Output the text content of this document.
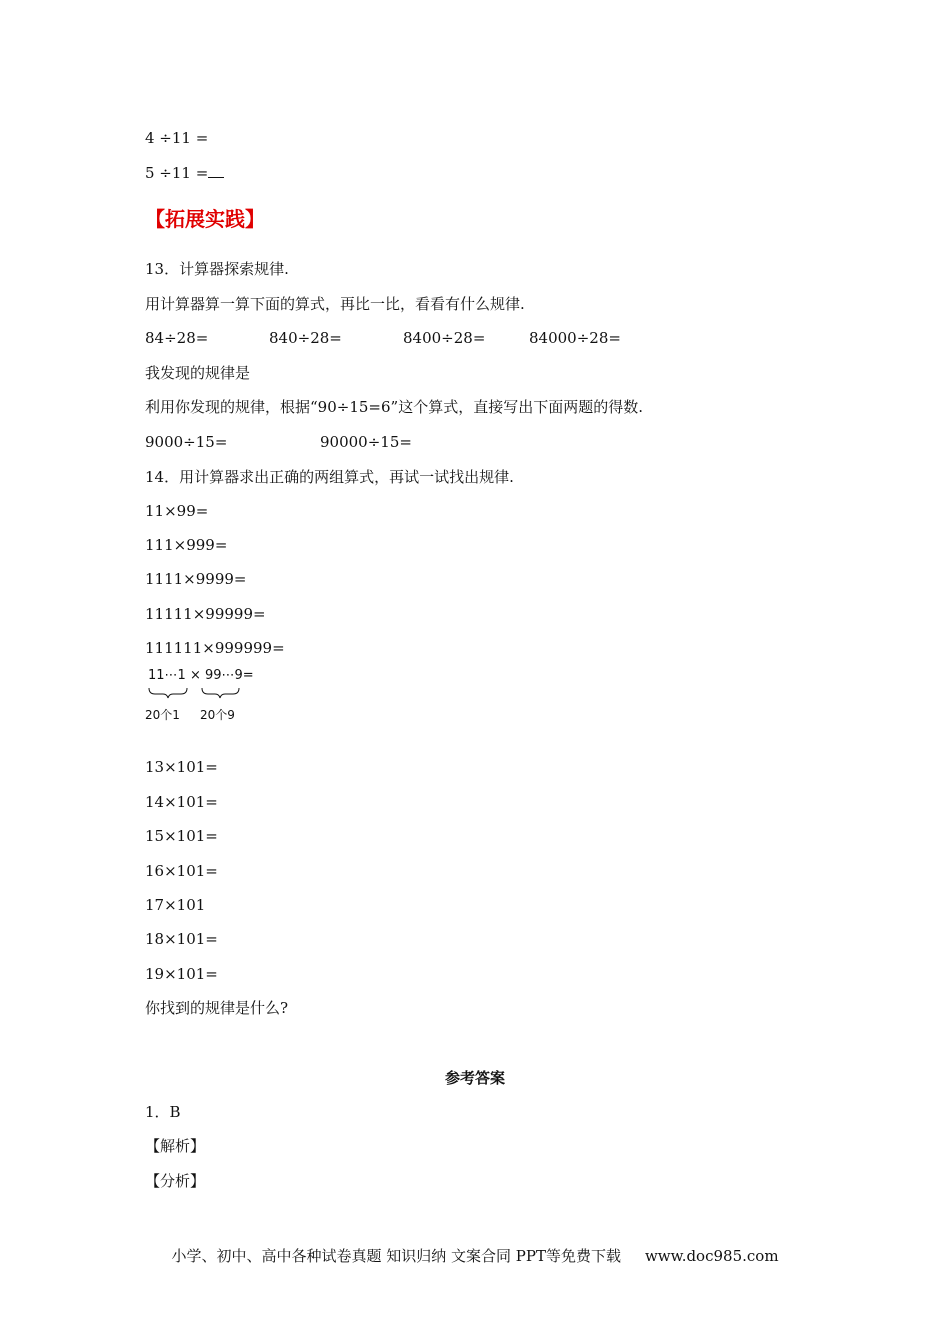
4 ÷11 =
5 ÷11 =
【拓展实践】
13．计算器探索规律.
用计算器算一算下面的算式，再比一比，看看有什么规律.
84÷28=	840÷28=	8400÷28=	84000÷28=
我发现的规律是
利用你发现的规律，根据“90÷15=6”这个算式，直接写出下面两题的得数.
9000÷15=	90000÷15=
14．用计算器求出正确的两组算式，再试一试找出规律.
11×99=
111×999=
1111×9999=
11111×99999=
111111×999999=
11⋯1 × 99⋯9=
20个1 20个9
13×101=
14×101=
15×101=
16×101=
17×101
18×101=
19×101=
你找到的规律是什么?
参考答案
1．B
【解析】
【分析】
小学、初中、高中各种试卷真题 知识归纳 文案合同 PPT等免费下载 www.doc985.com
